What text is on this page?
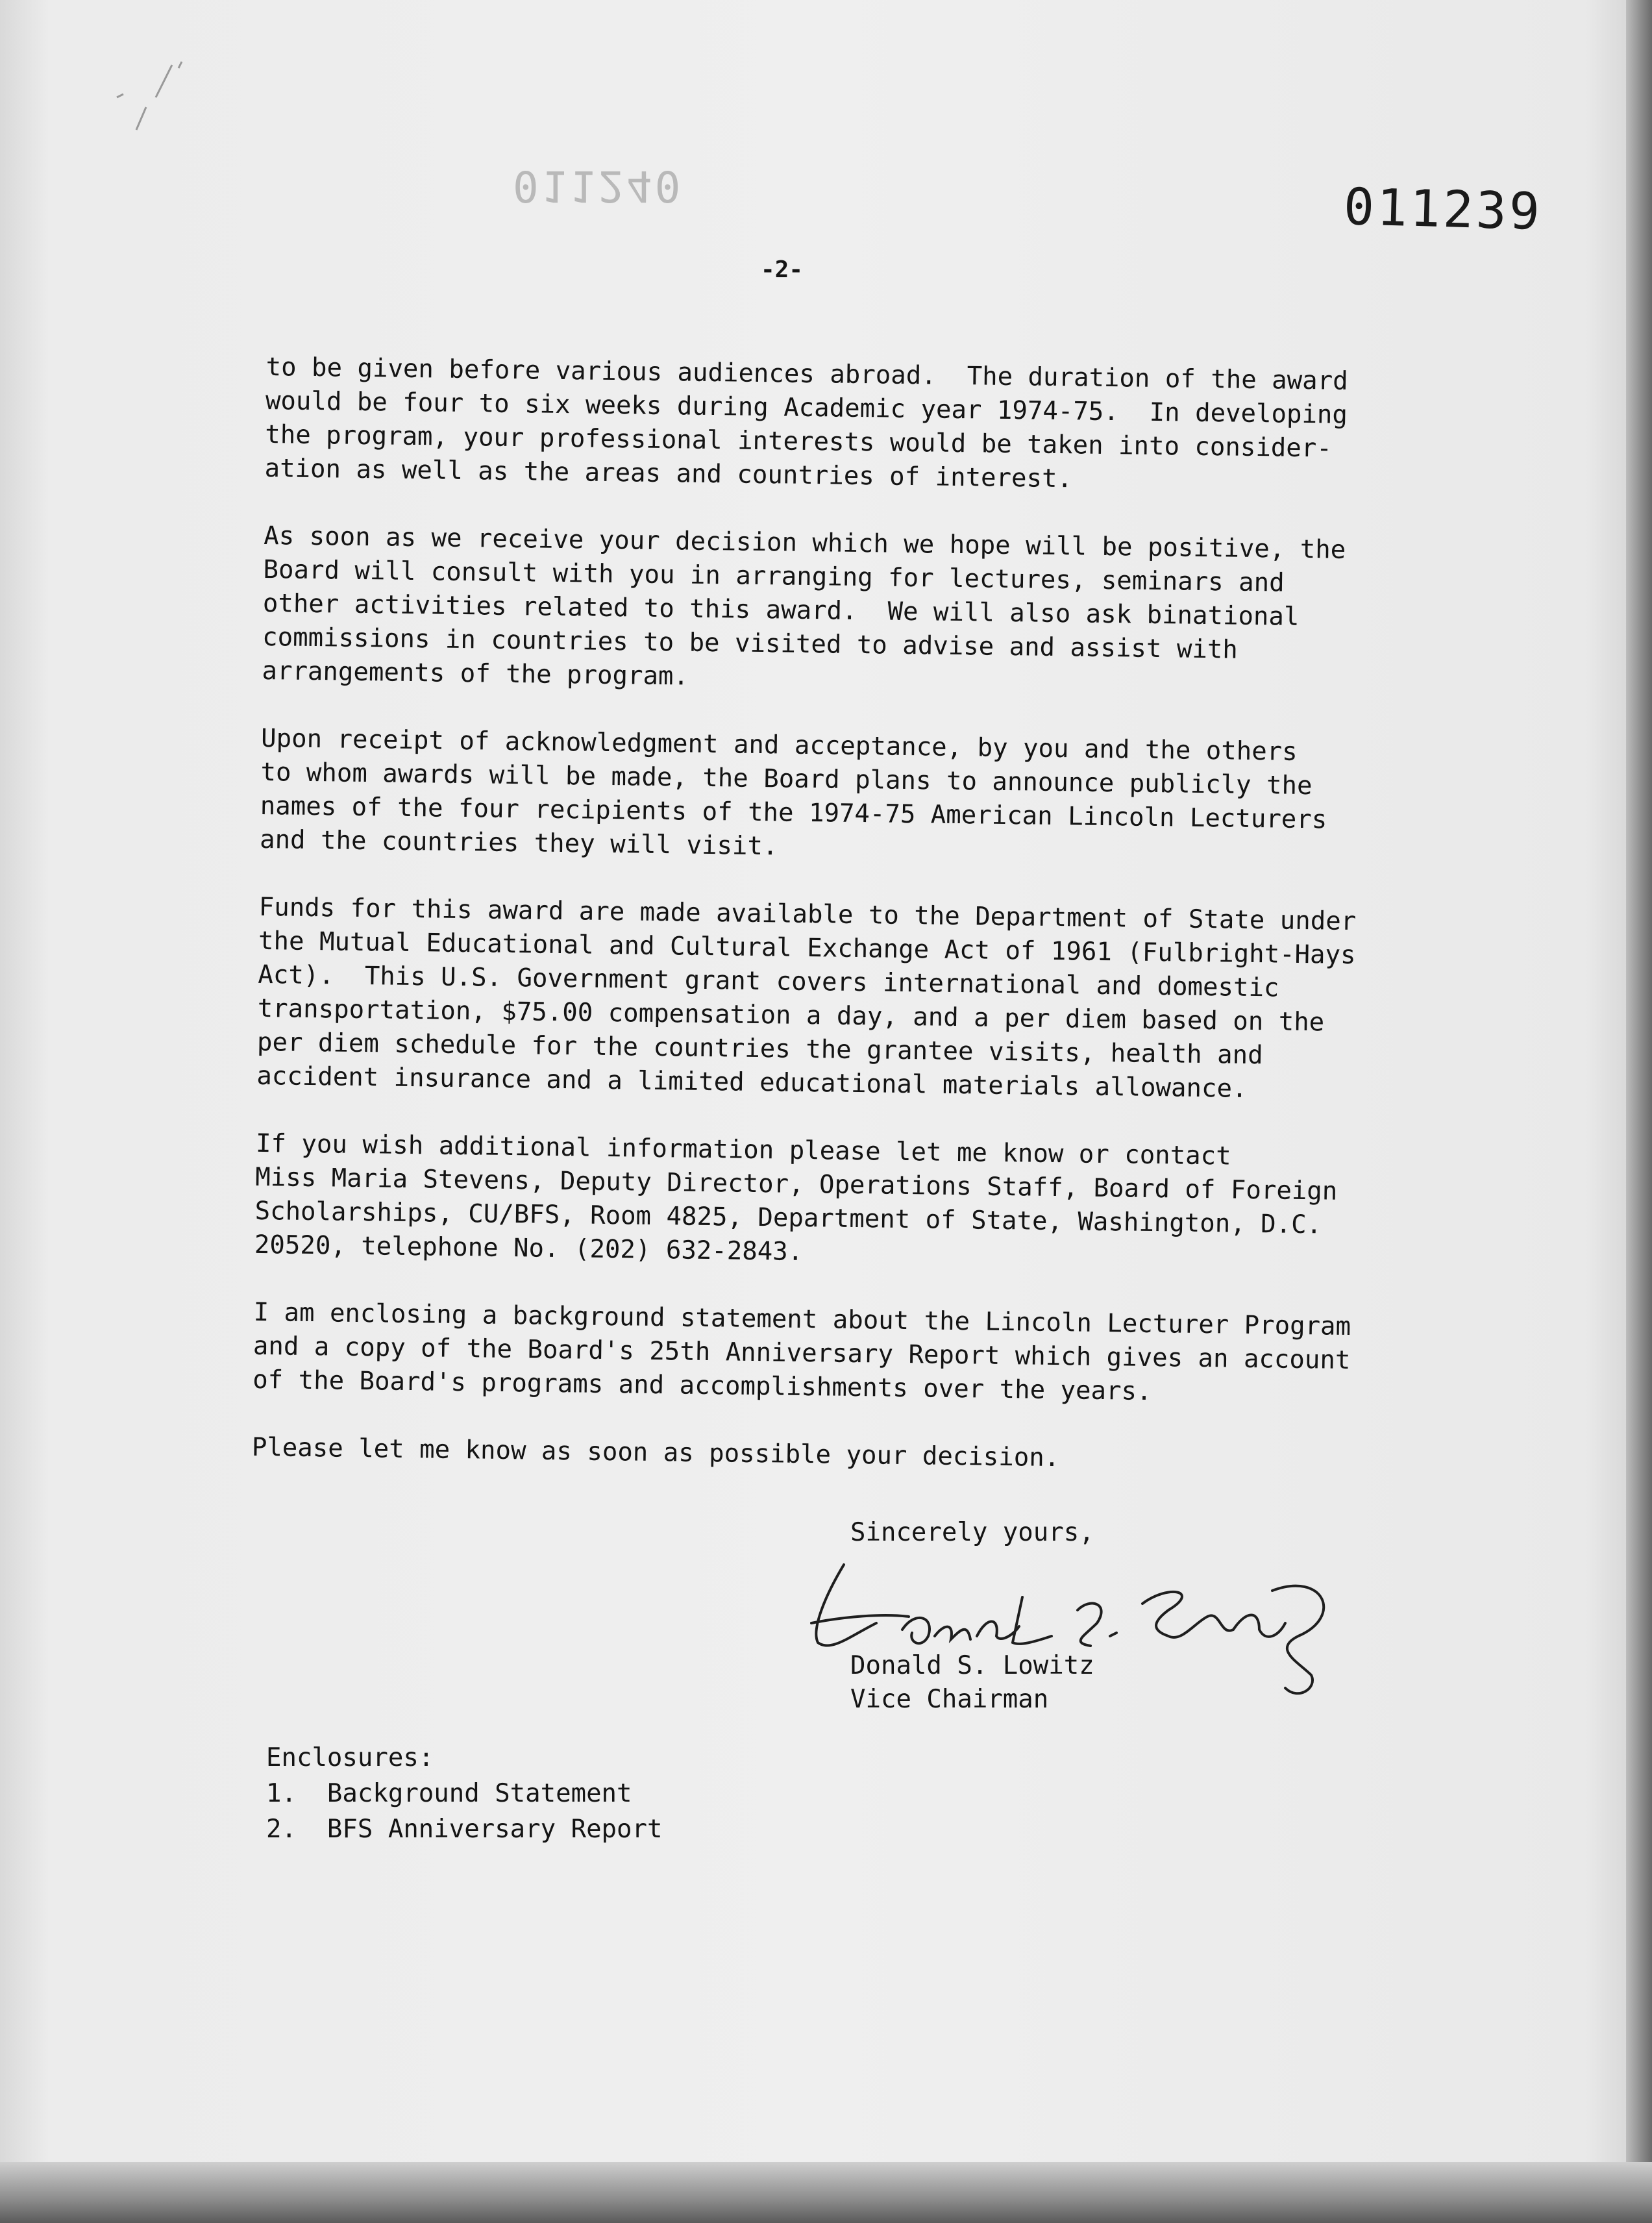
011240	011239
-2-

to be given before various audiences abroad.  The duration of the award
would be four to six weeks during Academic year 1974-75.  In developing
the program, your professional interests would be taken into consider-
ation as well as the areas and countries of interest.

As soon as we receive your decision which we hope will be positive, the
Board will consult with you in arranging for lectures, seminars and
other activities related to this award.  We will also ask binational
commissions in countries to be visited to advise and assist with
arrangements of the program.

Upon receipt of acknowledgment and acceptance, by you and the others
to whom awards will be made, the Board plans to announce publicly the
names of the four recipients of the 1974-75 American Lincoln Lecturers
and the countries they will visit.

Funds for this award are made available to the Department of State under
the Mutual Educational and Cultural Exchange Act of 1961 (Fulbright-Hays
Act).  This U.S. Government grant covers international and domestic
transportation, $75.00 compensation a day, and a per diem based on the
per diem schedule for the countries the grantee visits, health and
accident insurance and a limited educational materials allowance.

If you wish additional information please let me know or contact
Miss Maria Stevens, Deputy Director, Operations Staff, Board of Foreign
Scholarships, CU/BFS, Room 4825, Department of State, Washington, D.C.
20520, telephone No. (202) 632-2843.

I am enclosing a background statement about the Lincoln Lecturer Program
and a copy of the Board's 25th Anniversary Report which gives an account
of the Board's programs and accomplishments over the years.

Please let me know as soon as possible your decision.

Sincerely yours,
Donald S. Lowitz
Vice Chairman
Enclosures:
1.  Background Statement
2.  BFS Anniversary Report
